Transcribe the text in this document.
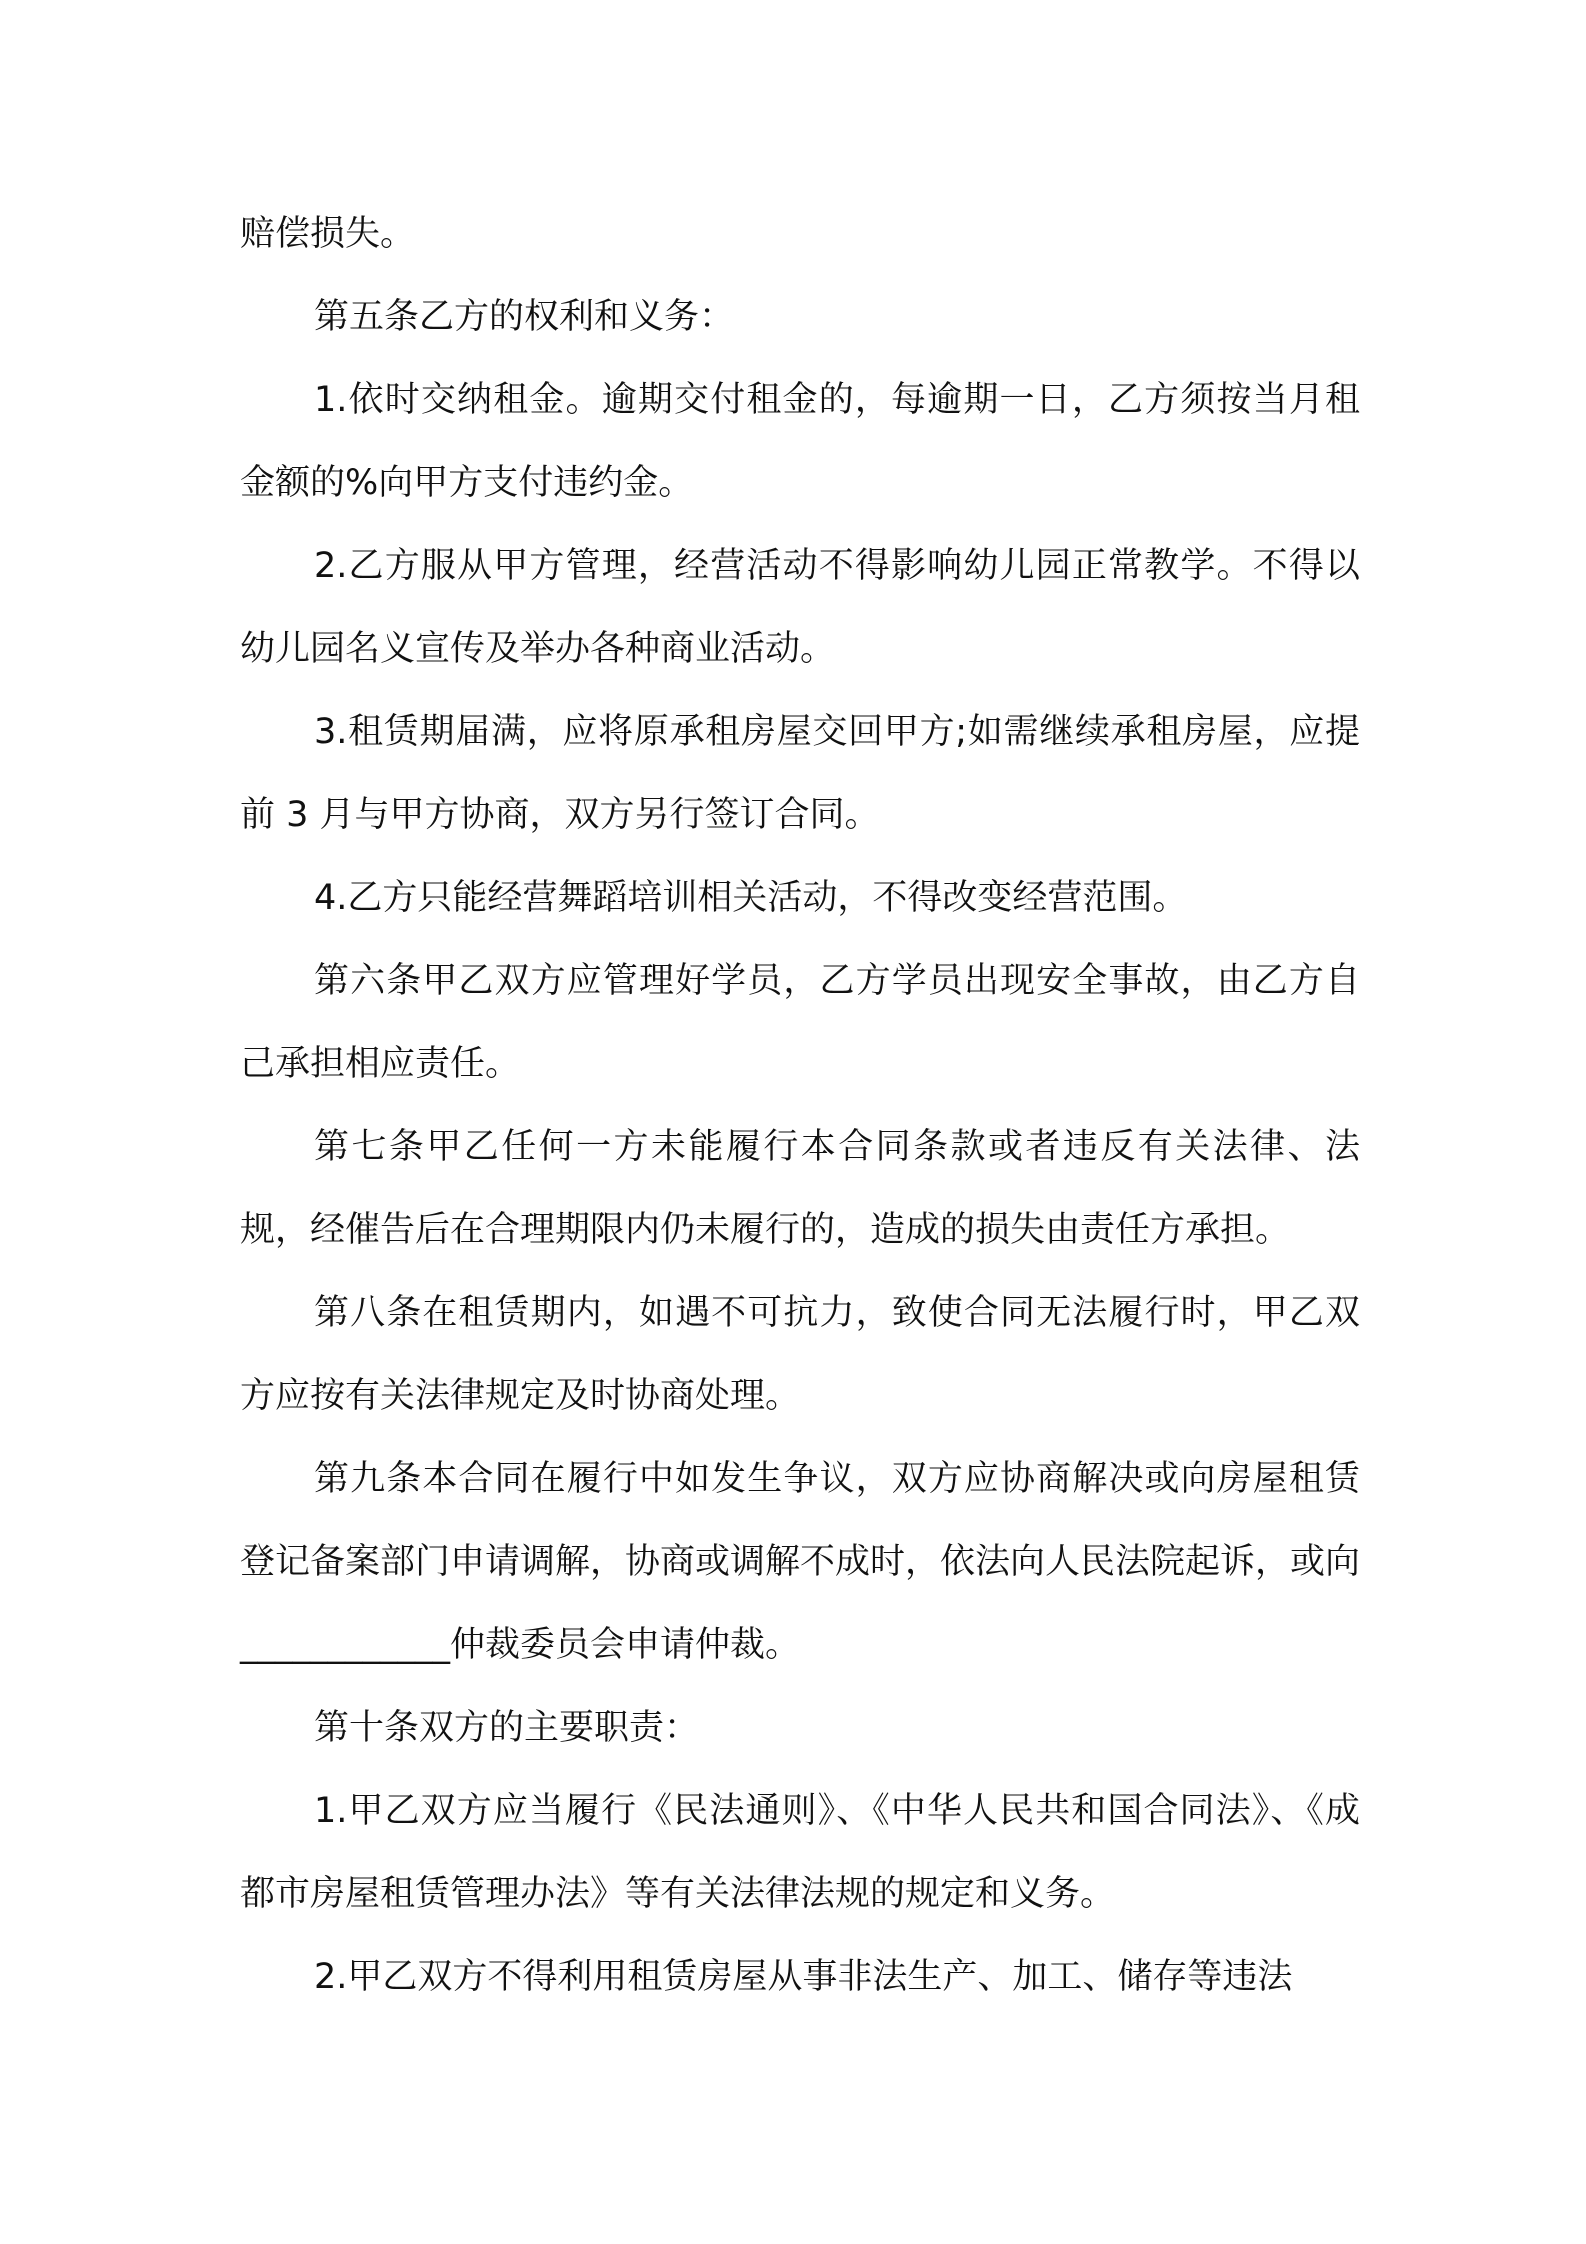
赔偿损失。

第五条乙方的权利和义务：

1.依时交纳租金。逾期交付租金的，每逾期一日，乙方须按当月租金额的%向甲方支付违约金。

2.乙方服从甲方管理，经营活动不得影响幼儿园正常教学。不得以幼儿园名义宣传及举办各种商业活动。

3.租赁期届满，应将原承租房屋交回甲方;如需继续承租房屋，应提前 3 月与甲方协商，双方另行签订合同。

4.乙方只能经营舞蹈培训相关活动，不得改变经营范围。

第六条甲乙双方应管理好学员，乙方学员出现安全事故，由乙方自己承担相应责任。

第七条甲乙任何一方未能履行本合同条款或者违反有关法律、法规，经催告后在合理期限内仍未履行的，造成的损失由责任方承担。

第八条在租赁期内，如遇不可抗力，致使合同无法履行时，甲乙双方应按有关法律规定及时协商处理。

第九条本合同在履行中如发生争议，双方应协商解决或向房屋租赁登记备案部门申请调解，协商或调解不成时，依法向人民法院起诉，或向____________仲裁委员会申请仲裁。

第十条双方的主要职责：

1.甲乙双方应当履行《民法通则》、《中华人民共和国合同法》、《成都市房屋租赁管理办法》等有关法律法规的规定和义务。

2.甲乙双方不得利用租赁房屋从事非法生产、加工、储存等违法
